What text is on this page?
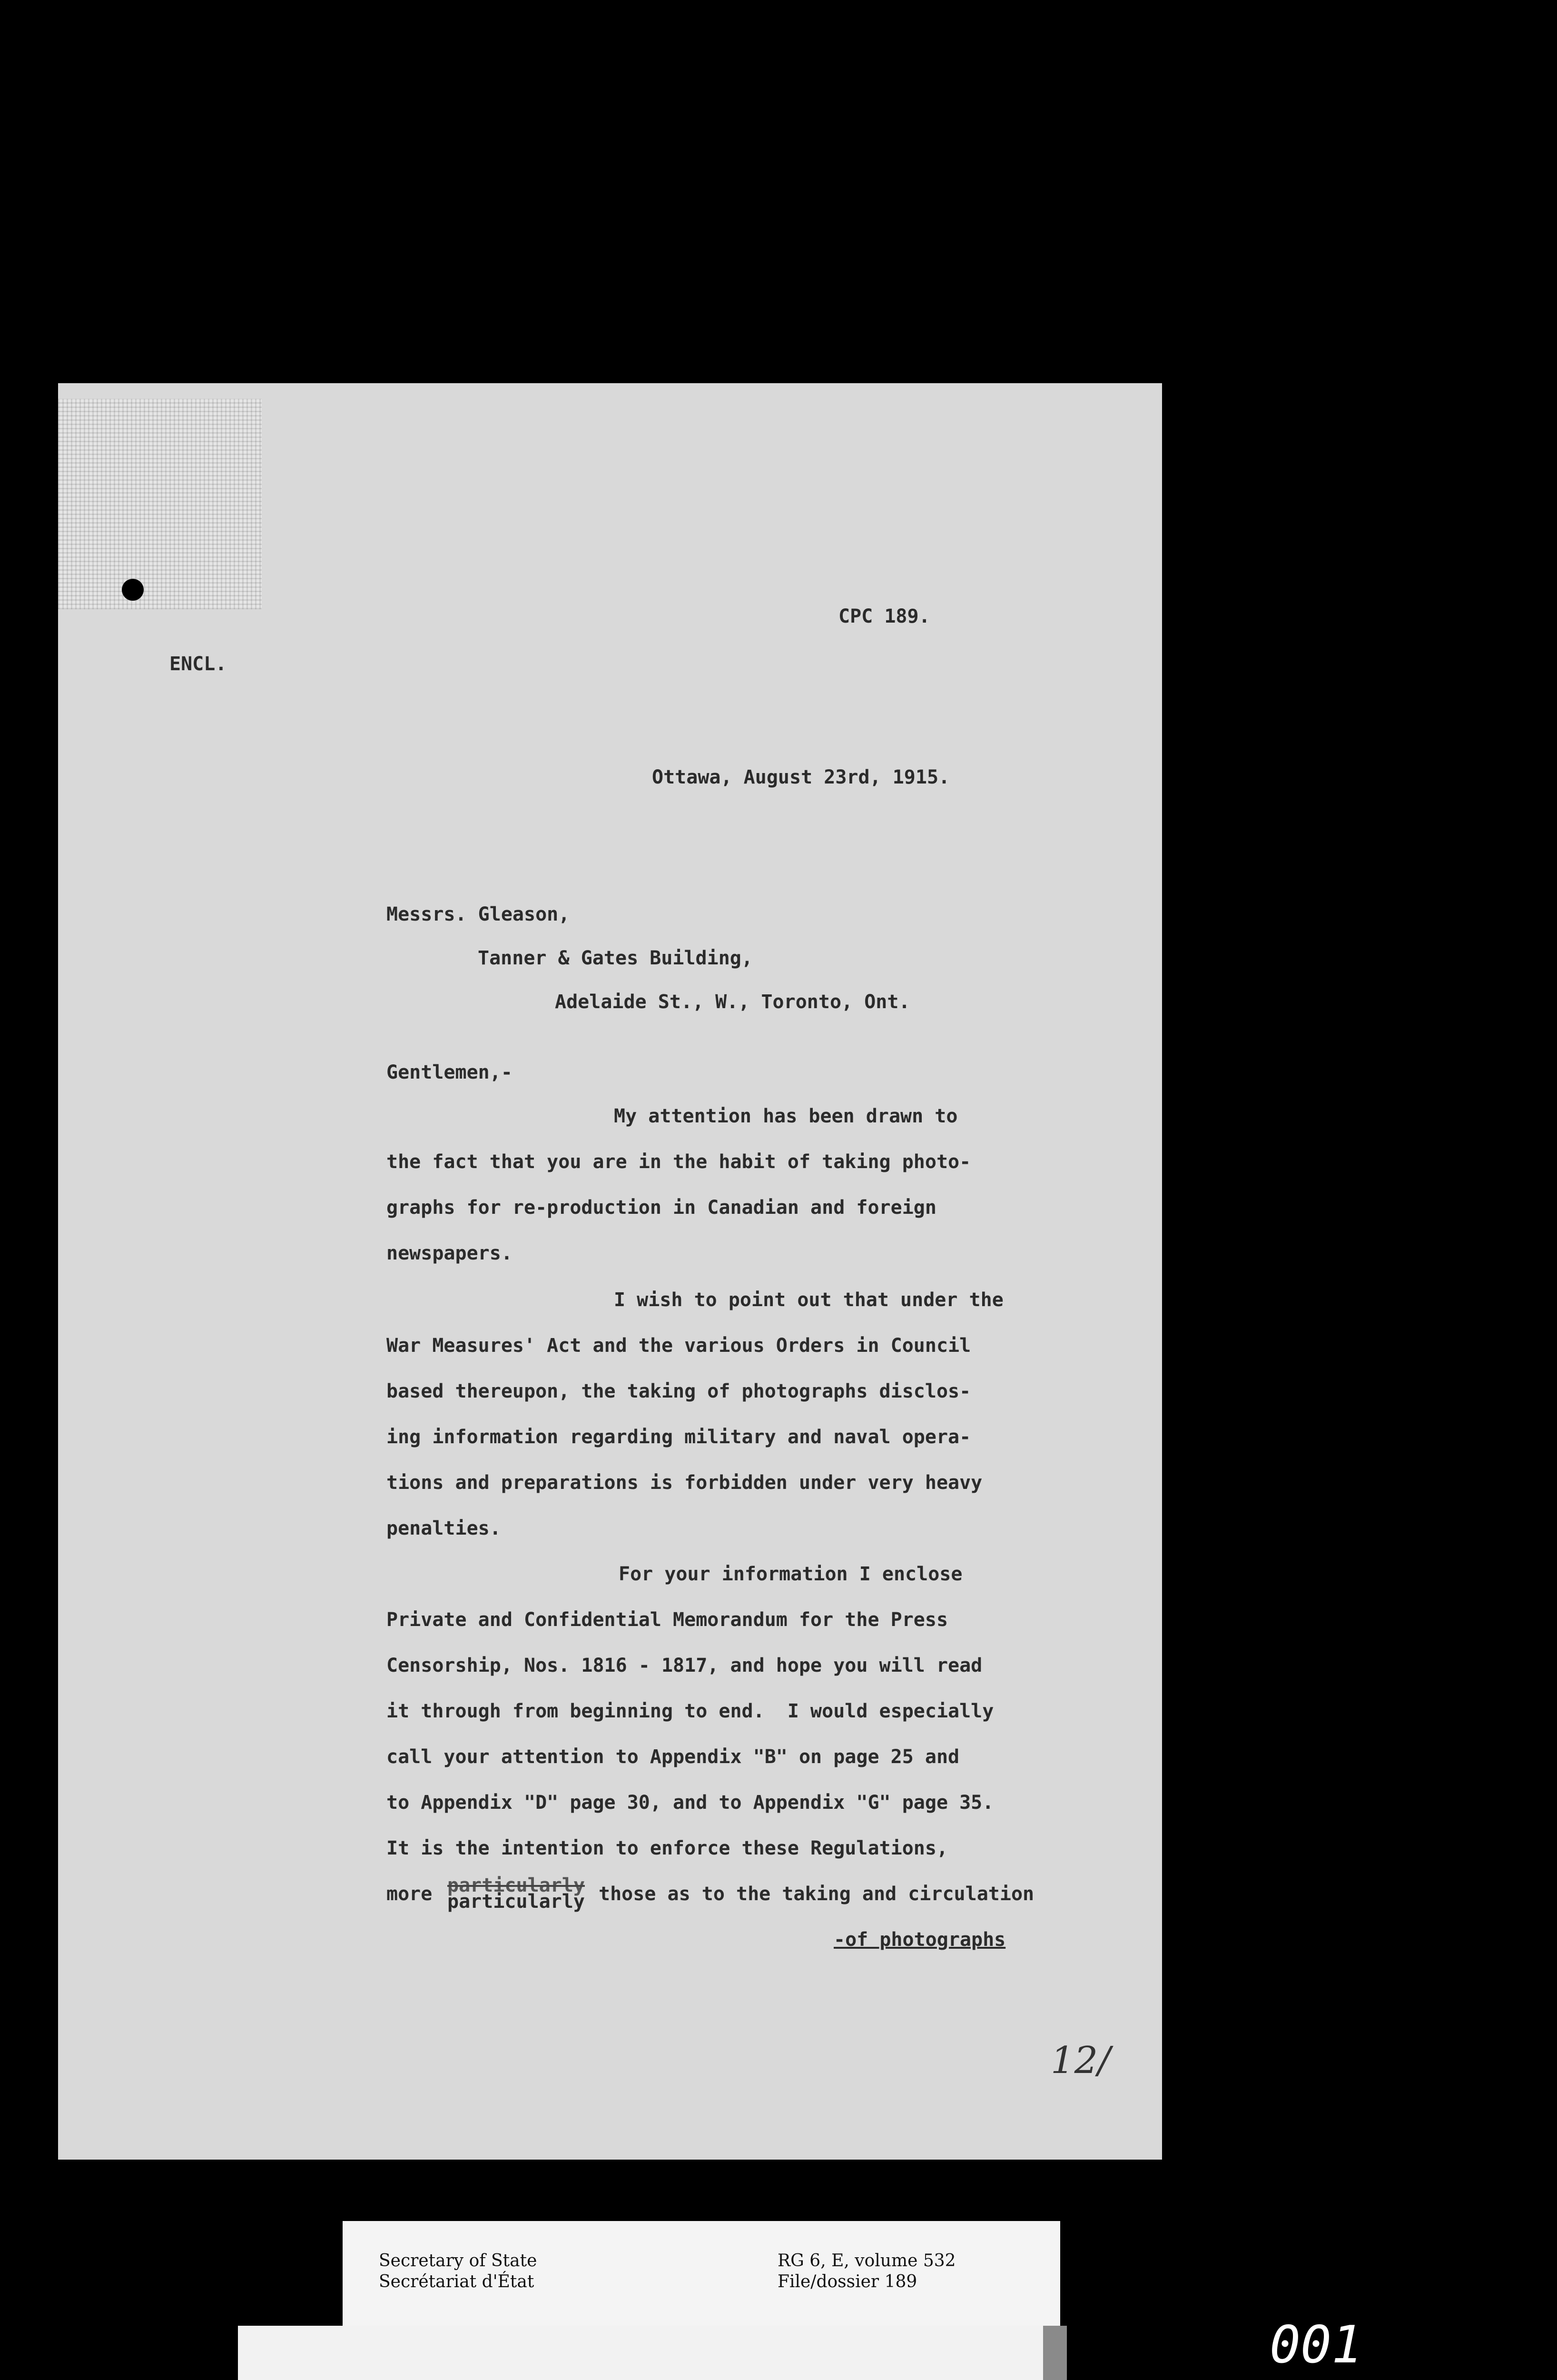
CPC 189.
ENCL.
Ottawa, August 23rd, 1915.
Messrs. Gleason,
Tanner & Gates Building,
Adelaide St., W., Toronto, Ont.
Gentlemen,-
My attention has been drawn to
the fact that you are in the habit of taking photo-
graphs for re-production in Canadian and foreign
newspapers.
I wish to point out that under the
War Measures' Act and the various Orders in Council
based thereupon, the taking of photographs disclos-
ing information regarding military and naval opera-
tions and preparations is forbidden under very heavy
penalties.
For your information I enclose
Private and Confidential Memorandum for the Press
Censorship, Nos. 1816 - 1817, and hope you will read
it through from beginning to end.  I would especially
call your attention to Appendix "B" on page 25 and
to Appendix "D" page 30, and to Appendix "G" page 35.
It is the intention to enforce these Regulations,
more particularly
particularly those as to the taking and circulation
-of photographs
12/
Secretary of State
Secrétariat d'État
RG 6, E, volume 532
File/dossier 189
001
